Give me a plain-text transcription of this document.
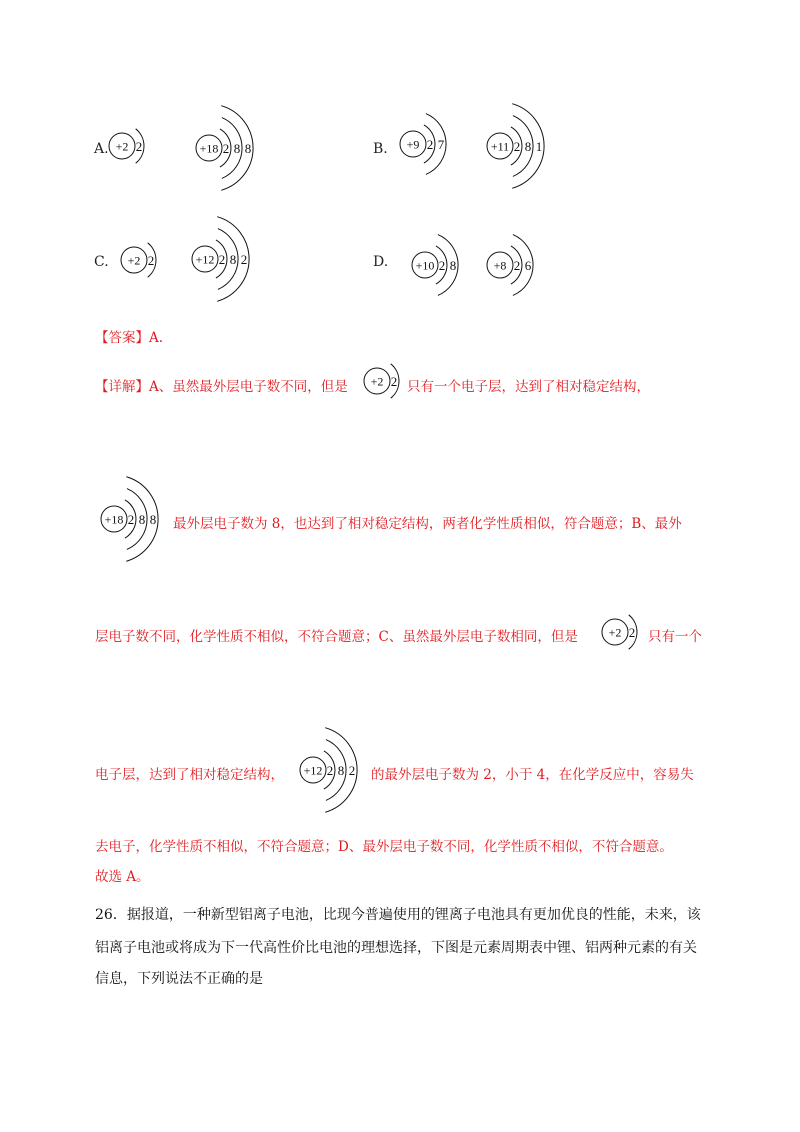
A.	B.
C.	D.
+2 2	+18 2 8 8	+9 2 7	+11 2 8 1
+2 2	+12 2 8 2	+10 2 8	+8 2 6
【答案】A.
【详解】A、虽然最外层电子数不同，但是 +2 2 只有一个电子层，达到了相对稳定结构，
+18 2 8 8 最外层电子数为 8，也达到了相对稳定结构，两者化学性质相似，符合题意；B、最外
层电子数不同，化学性质不相似，不符合题意；C、虽然最外层电子数相同，但是	+2 2 只有一个
电子层，达到了相对稳定结构， +12 2 8 2 的最外层电子数为 2，小于 4，在化学反应中，容易失
去电子，化学性质不相似，不符合题意；D、最外层电子数不同，化学性质不相似，不符合题意。
故选 A。
26．据报道，一种新型铝离子电池，比现今普遍使用的锂离子电池具有更加优良的性能，未来，该
铝离子电池或将成为下一代高性价比电池的理想选择，下图是元素周期表中锂、铝两种元素的有关
信息，下列说法不正确的是
